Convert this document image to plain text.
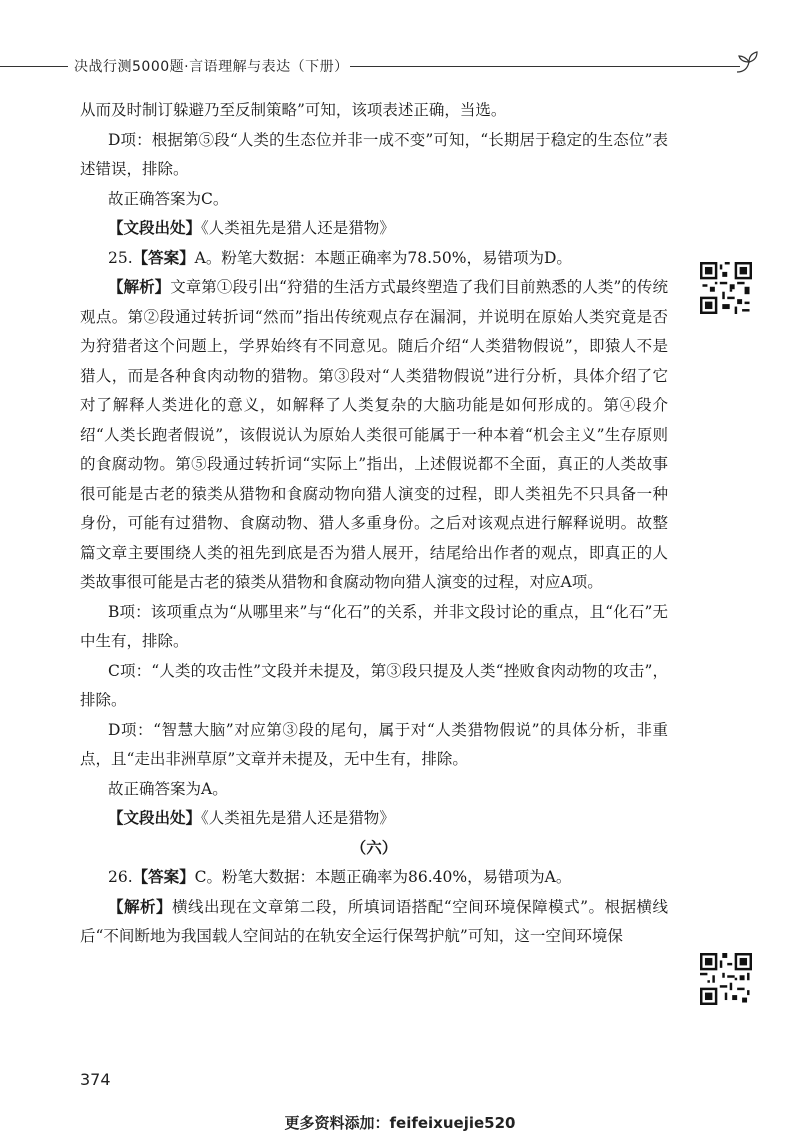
决战行测5000题·言语理解与表达（下册）

从而及时制订躲避乃至反制策略”可知，该项表述正确，当选。

D项：根据第⑤段“人类的生态位并非一成不变”可知，“长期居于稳定的生态位”表述错误，排除。

故正确答案为C。

【文段出处】《人类祖先是猎人还是猎物》

25.【答案】A。粉笔大数据：本题正确率为78.50%，易错项为D。

【解析】文章第①段引出“狩猎的生活方式最终塑造了我们目前熟悉的人类”的传统观点。第②段通过转折词“然而”指出传统观点存在漏洞，并说明在原始人类究竟是否为狩猎者这个问题上，学界始终有不同意见。随后介绍“人类猎物假说”，即猿人不是猎人，而是各种食肉动物的猎物。第③段对“人类猎物假说”进行分析，具体介绍了它对了解释人类进化的意义，如解释了人类复杂的大脑功能是如何形成的。第④段介绍“人类长跑者假说”，该假说认为原始人类很可能属于一种本着“机会主义”生存原则的食腐动物。第⑤段通过转折词“实际上”指出，上述假说都不全面，真正的人类故事很可能是古老的猿类从猎物和食腐动物向猎人演变的过程，即人类祖先不只具备一种身份，可能有过猎物、食腐动物、猎人多重身份。之后对该观点进行解释说明。故整篇文章主要围绕人类的祖先到底是否为猎人展开，结尾给出作者的观点，即真正的人类故事很可能是古老的猿类从猎物和食腐动物向猎人演变的过程，对应A项。

B项：该项重点为“从哪里来”与“化石”的关系，并非文段讨论的重点，且“化石”无中生有，排除。

C项：“人类的攻击性”文段并未提及，第③段只提及人类“挫败食肉动物的攻击”，排除。

D项：“智慧大脑”对应第③段的尾句，属于对“人类猎物假说”的具体分析，非重点，且“走出非洲草原”文章并未提及，无中生有，排除。

故正确答案为A。

【文段出处】《人类祖先是猎人还是猎物》

（六）

26.【答案】C。粉笔大数据：本题正确率为86.40%，易错项为A。

【解析】横线出现在文章第二段，所填词语搭配“空间环境保障模式”。根据横线后“不间断地为我国载人空间站的在轨安全运行保驾护航”可知，这一空间环境保

374
更多资料添加：feifeixuejie520
